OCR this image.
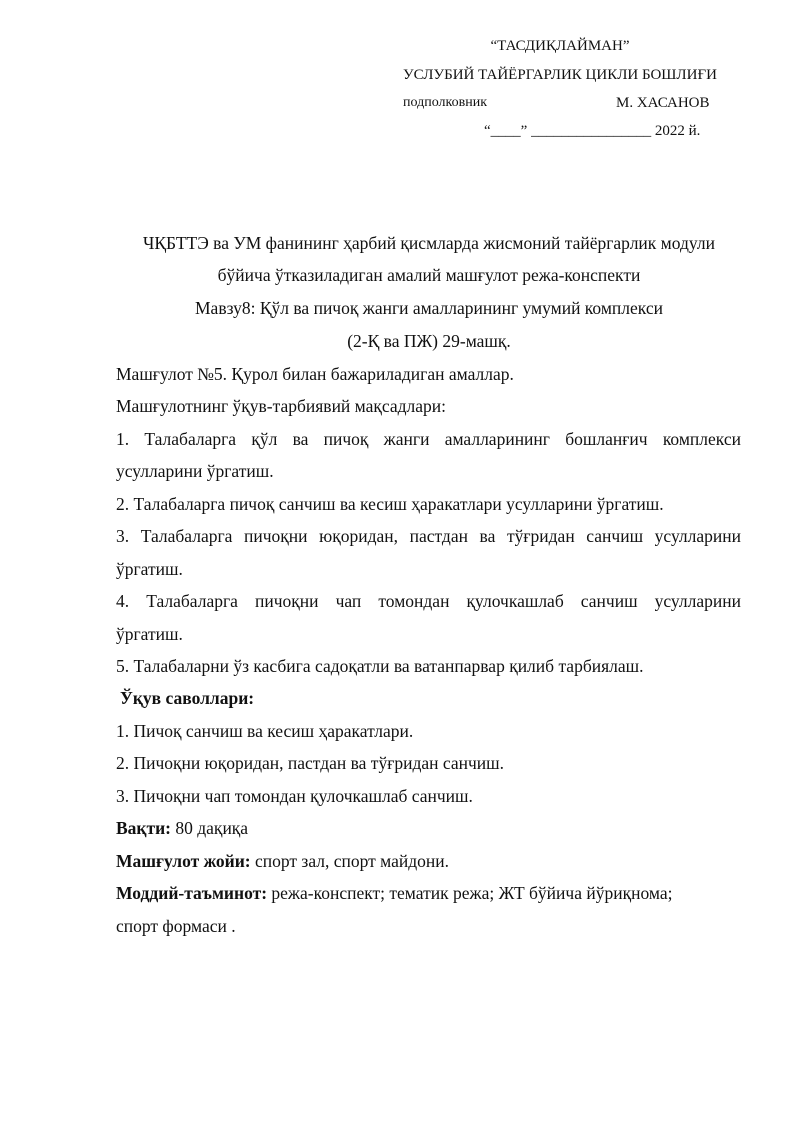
“ТАСДИҚЛАЙМАН”
УСЛУБИЙ ТАЙЁРГАРЛИК ЦИКЛИ БОШЛИҒИ
подполковник	М. ХАСАНОВ
“____” ________________ 2022 й.
ЧҚБТТЭ ва УМ фанининг ҳарбий қисмларда жисмоний тайёргарлик модули
бўйича ўтказиладиган амалий машғулот режа-конспекти
Мавзу8: Қўл ва пичоқ жанги амалларининг умумий комплекси
(2-Қ ва ПЖ) 29-машқ.
Машғулот №5. Қурол билан бажариладиган амаллар.
Машғулотнинг ўқув-тарбиявий мақсадлари:
1. Талабаларга қўл ва пичоқ жанги амалларининг бошланғич комплекси
усулларини ўргатиш.
2. Талабаларга пичоқ санчиш ва кесиш ҳаракатлари усулларини ўргатиш.
3. Талабаларга пичоқни юқоридан, пастдан ва тўғридан санчиш усулларини
ўргатиш.
4. Талабаларга пичоқни чап томондан қулочкашлаб санчиш усулларини
ўргатиш.
5. Талабаларни ўз касбига садоқатли ва ватанпарвар қилиб тарбиялаш.
Ўқув саволлари:
1. Пичоқ санчиш ва кесиш ҳаракатлари.
2. Пичоқни юқоридан, пастдан ва тўғридан санчиш.
3. Пичоқни чап томондан қулочкашлаб санчиш.
Вақти: 80 дақиқа
Машғулот жойи: спорт зал, спорт майдони.
Моддий-таъминот: режа-конспект; тематик режа; ЖТ бўйича йўриқнома;
спорт формаси .
